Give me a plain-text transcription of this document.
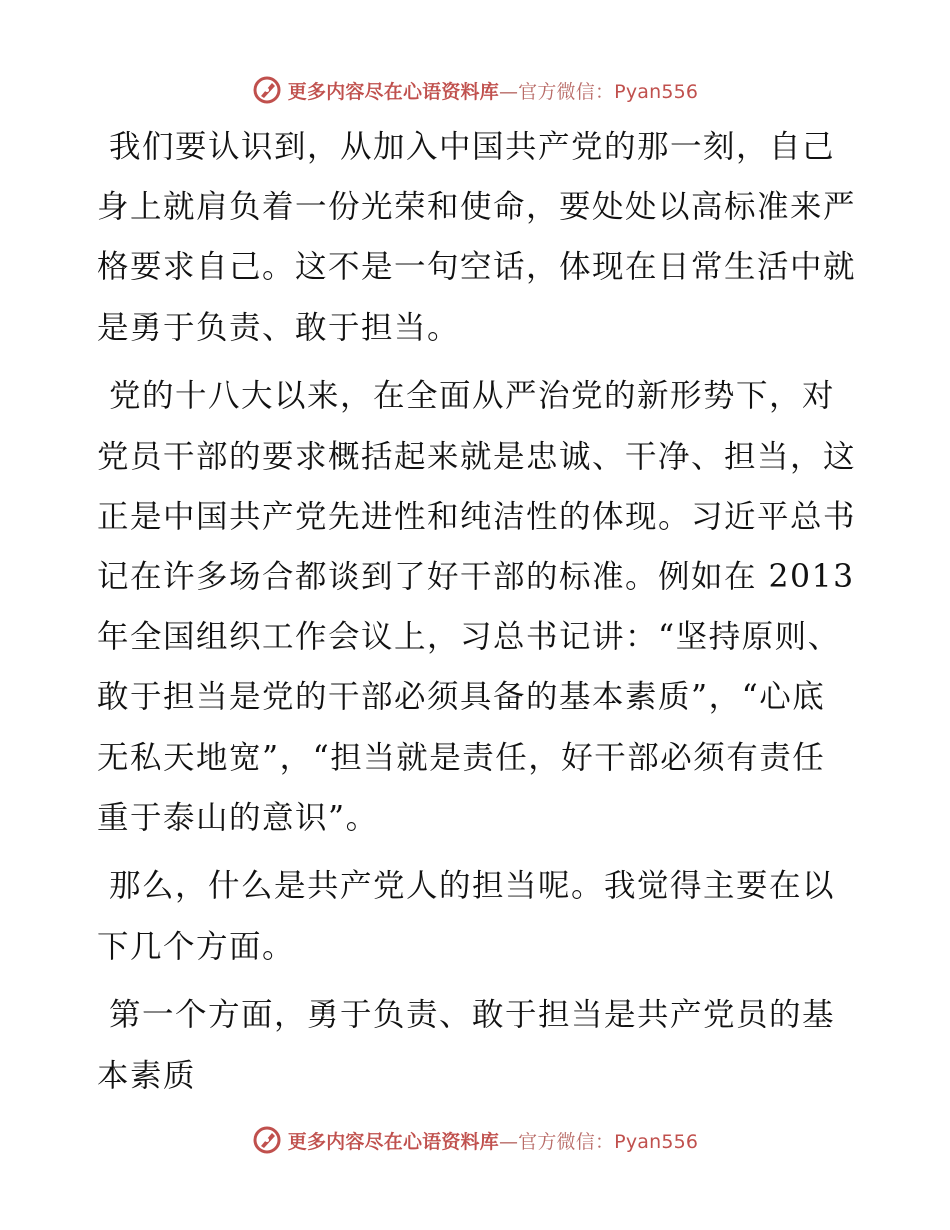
更多内容尽在心语资料库—官方微信：Pyan556

我们要认识到，从加入中国共产党的那一刻，自己身上就肩负着一份光荣和使命，要处处以高标准来严格要求自己。这不是一句空话，体现在日常生活中就是勇于负责、敢于担当。

党的十八大以来，在全面从严治党的新形势下，对党员干部的要求概括起来就是忠诚、干净、担当，这正是中国共产党先进性和纯洁性的体现。习近平总书记在许多场合都谈到了好干部的标准。例如在 2013 年全国组织工作会议上，习总书记讲：“坚持原则、敢于担当是党的干部必须具备的基本素质”，“心底无私天地宽”，“担当就是责任，好干部必须有责任重于泰山的意识”。

那么，什么是共产党人的担当呢。我觉得主要在以下几个方面。

第一个方面，勇于负责、敢于担当是共产党员的基本素质

更多内容尽在心语资料库—官方微信：Pyan556
